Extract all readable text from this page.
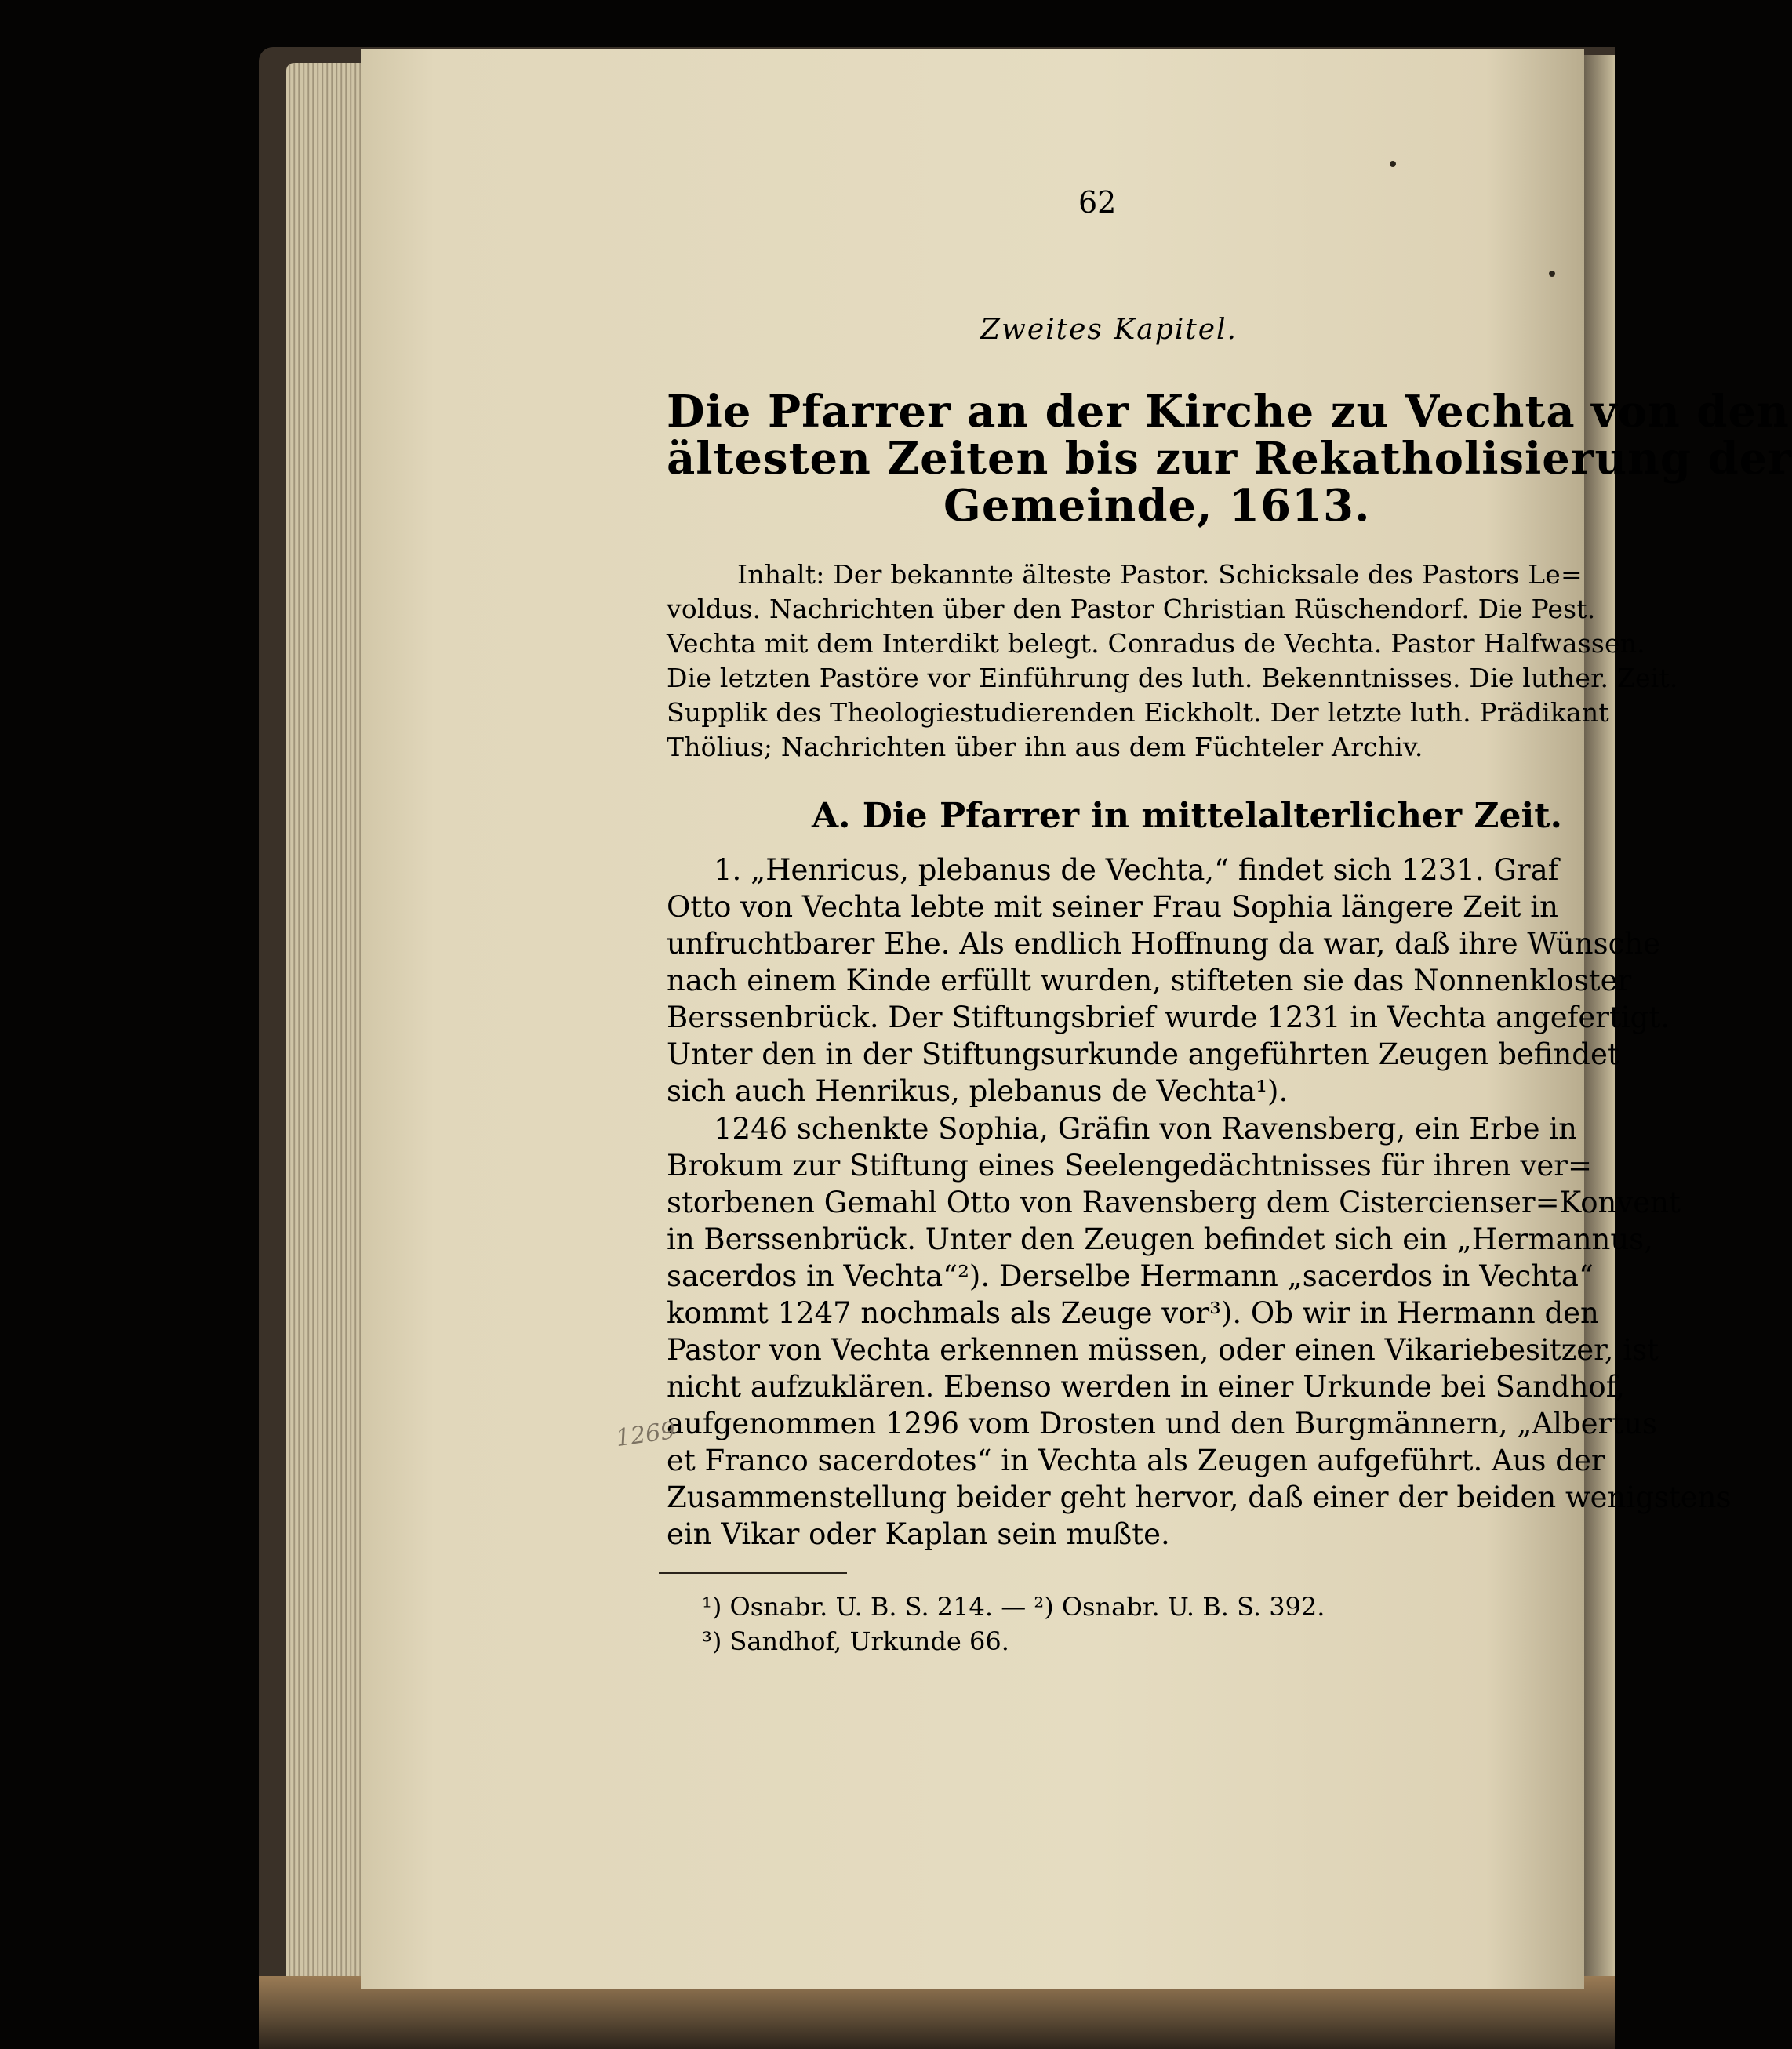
62
Zweites Kapitel.
Die Pfarrer an der Kirche zu Vechta von den
ältesten Zeiten bis zur Rekatholisierung der
Gemeinde, 1613.
Inhalt: Der bekannte älteste Pastor. Schicksale des Pastors Le=
voldus. Nachrichten über den Pastor Christian Rüschendorf. Die Pest.
Vechta mit dem Interdikt belegt. Conradus de Vechta. Pastor Halfwassen.
Die letzten Pastöre vor Einführung des luth. Bekenntnisses. Die luther. Zeit.
Supplik des Theologiestudierenden Eickholt. Der letzte luth. Prädikant
Thölius; Nachrichten über ihn aus dem Füchteler Archiv.
A. Die Pfarrer in mittelalterlicher Zeit.
1. „Henricus, plebanus de Vechta,“ findet sich 1231. Graf
Otto von Vechta lebte mit seiner Frau Sophia längere Zeit in
unfruchtbarer Ehe. Als endlich Hoffnung da war, daß ihre Wünsche
nach einem Kinde erfüllt wurden, stifteten sie das Nonnenkloster
Berssenbrück. Der Stiftungsbrief wurde 1231 in Vechta angefertigt.
Unter den in der Stiftungsurkunde angeführten Zeugen befindet
sich auch Henrikus, plebanus de Vechta¹).
1246 schenkte Sophia, Gräfin von Ravensberg, ein Erbe in
Brokum zur Stiftung eines Seelengedächtnisses für ihren ver=
storbenen Gemahl Otto von Ravensberg dem Cistercienser=Konvent
in Berssenbrück. Unter den Zeugen befindet sich ein „Hermannus,
sacerdos in Vechta“²). Derselbe Hermann „sacerdos in Vechta“
kommt 1247 nochmals als Zeuge vor³). Ob wir in Hermann den
Pastor von Vechta erkennen müssen, oder einen Vikariebesitzer, ist
nicht aufzuklären. Ebenso werden in einer Urkunde bei Sandhof,
aufgenommen 1296 vom Drosten und den Burgmännern, „Albertus
et Franco sacerdotes“ in Vechta als Zeugen aufgeführt. Aus der
Zusammenstellung beider geht hervor, daß einer der beiden wenigstens
ein Vikar oder Kaplan sein mußte.
¹) Osnabr. U. B. S. 214. — ²) Osnabr. U. B. S. 392.
³) Sandhof, Urkunde 66.
1269
